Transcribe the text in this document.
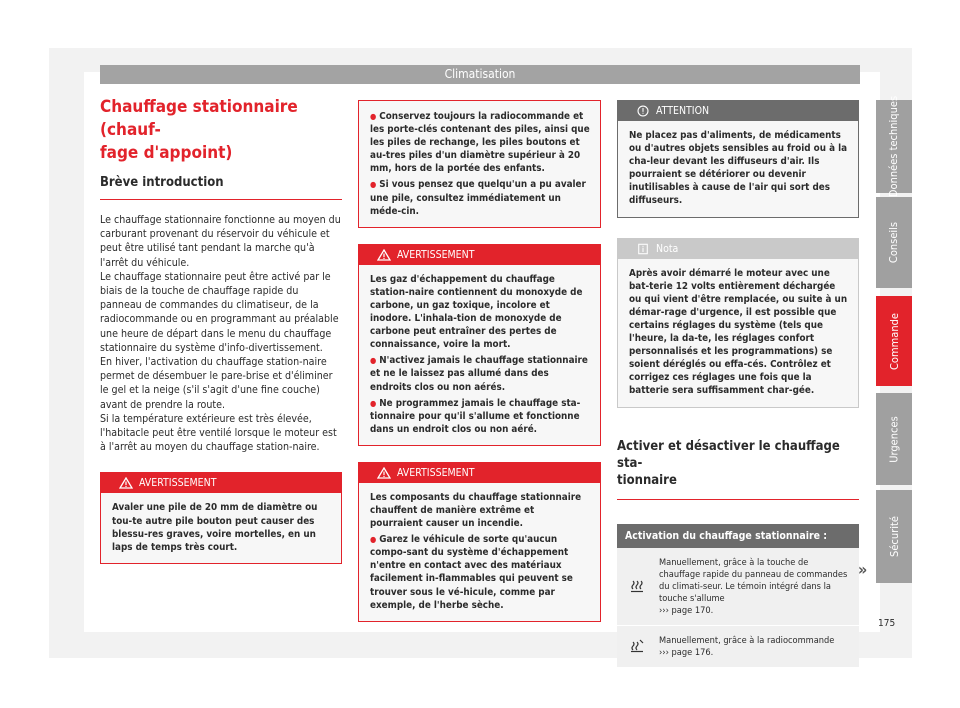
Climatisation
Données techniques
Conseils
Commande
Urgences
Sécurité
Chauffage stationnaire (chauf-
fage d'appoint)
Brève introduction

Le chauffage stationnaire fonctionne au moyen du carburant provenant du réservoir du véhicule et peut être utilisé tant pendant la marche qu'à l'arrêt du véhicule.

Le chauffage stationnaire peut être activé par le biais de la touche de chauffage rapide du panneau de commandes du climatiseur, de la radiocommande ou en programmant au préalable une heure de départ dans le menu du chauffage stationnaire du système d'info-divertissement.

En hiver, l'activation du chauffage station-naire permet de désembuer le pare-brise et d'éliminer le gel et la neige (s'il s'agit d'une fine couche) avant de prendre la route.

Si la température extérieure est très élevée, l'habitacle peut être ventilé lorsque le moteur est à l'arrêt au moyen du chauffage station-naire.

AVERTISSEMENT
Avaler une pile de 20 mm de diamètre ou tou-te autre pile bouton peut causer des blessu-res graves, voire mortelles, en un laps de temps très court.
● Conservez toujours la radiocommande et les porte-clés contenant des piles, ainsi que les piles de rechange, les piles boutons et au-tres piles d'un diamètre supérieur à 20 mm, hors de la portée des enfants.
● Si vous pensez que quelqu'un a pu avaler une pile, consultez immédiatement un méde-cin.
AVERTISSEMENT
Les gaz d'échappement du chauffage station-naire contiennent du monoxyde de carbone, un gaz toxique, incolore et inodore. L'inhala-tion de monoxyde de carbone peut entraîner des pertes de connaissance, voire la mort.
● N'activez jamais le chauffage stationnaire et ne le laissez pas allumé dans des endroits clos ou non aérés.
● Ne programmez jamais le chauffage sta-tionnaire pour qu'il s'allume et fonctionne dans un endroit clos ou non aéré.
AVERTISSEMENT
Les composants du chauffage stationnaire chauffent de manière extrême et pourraient causer un incendie.
● Garez le véhicule de sorte qu'aucun compo-sant du système d'échappement n'entre en contact avec des matériaux facilement in-flammables qui peuvent se trouver sous le vé-hicule, comme par exemple, de l'herbe sèche.
ATTENTION
Ne placez pas d'aliments, de médicaments ou d'autres objets sensibles au froid ou à la cha-leur devant les diffuseurs d'air. Ils pourraient se détériorer ou devenir inutilisables à cause de l'air qui sort des diffuseurs.
Nota
Après avoir démarré le moteur avec une bat-terie 12 volts entièrement déchargée ou qui vient d'être remplacée, ou suite à un démar-rage d'urgence, il est possible que certains réglages du système (tels que l'heure, la da-te, les réglages confort personnalisés et les programmations) se soient déréglés ou effa-cés. Contrôlez et corrigez ces réglages une fois que la batterie sera suffisamment char-gée.
Activer et désactiver le chauffage sta-
tionnaire
Activation du chauffage stationnaire :
Manuellement, grâce à la touche de chauffage rapide du panneau de commandes du climati-seur. Le témoin intégré dans la touche s'allume
››› page 170.
Manuellement, grâce à la radiocommande
››› page 176.
»
175
